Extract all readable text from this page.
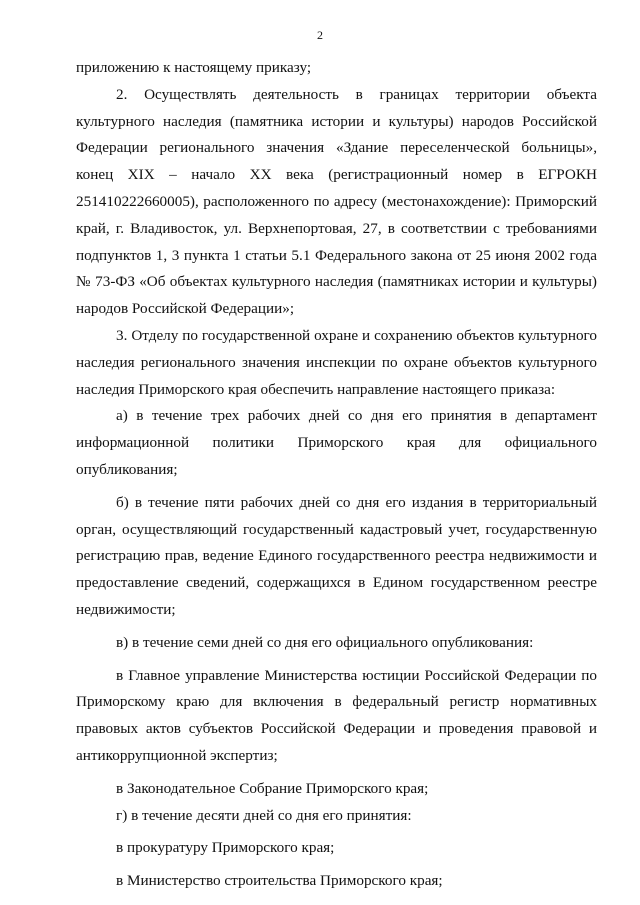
2

приложению к настоящему приказу;

2. Осуществлять деятельность в границах территории объекта культурного наследия (памятника истории и культуры) народов Российской Федерации регионального значения «Здание переселенческой больницы», конец XIX – начало XX века (регистрационный номер в ЕГРОКН 251410222660005), расположенного по адресу (местонахождение): Приморский край, г. Владивосток, ул. Верхнепортовая, 27, в соответствии с требованиями подпунктов 1, 3 пункта 1 статьи 5.1 Федерального закона от 25 июня 2002 года № 73-ФЗ «Об объектах культурного наследия (памятниках истории и культуры) народов Российской Федерации»;

3. Отделу по государственной охране и сохранению объектов культурного наследия регионального значения инспекции по охране объектов культурного наследия Приморского края обеспечить направление настоящего приказа:

а) в течение трех рабочих дней со дня его принятия в департамент информационной политики Приморского края для официального опубликования;

б) в течение пяти рабочих дней со дня его издания в территориальный орган, осуществляющий государственный кадастровый учет, государственную регистрацию прав, ведение Единого государственного реестра недвижимости и предоставление сведений, содержащихся в Едином государственном реестре недвижимости;

в) в течение семи дней со дня его официального опубликования:

в Главное управление Министерства юстиции Российской Федерации по Приморскому краю для включения в федеральный регистр нормативных правовых актов субъектов Российской Федерации и проведения правовой и антикоррупционной экспертиз;

в Законодательное Собрание Приморского края;

г) в течение десяти дней со дня его принятия:

в прокуратуру Приморского края;

в Министерство строительства Приморского края;
